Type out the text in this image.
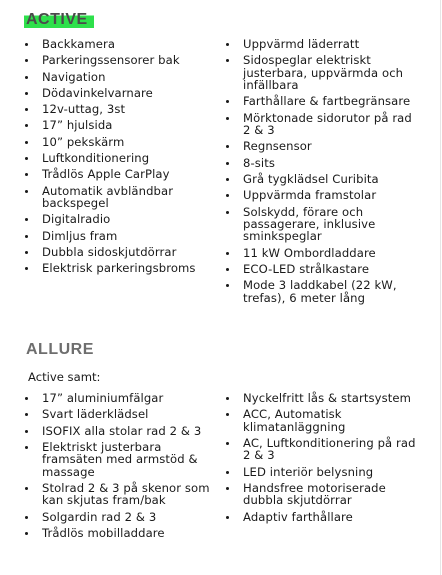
ACTIVE
Backkamera
Parkeringssensorer bak
Navigation
Dödavinkelvarnare
12v-uttag, 3st
17” hjulsida
10” pekskärm
Luftkonditionering
Trådlös Apple CarPlay
Automatik avbländbar backspegel
Digitalradio
Dimljus fram
Dubbla sidoskjutdörrar
Elektrisk parkeringsbroms
Uppvärmd läderratt
Sidospeglar elektriskt justerbara, uppvärmda och infällbara
Farthållare & fartbegränsare
Mörktonade sidorutor på rad 2 & 3
Regnsensor
8-sits
Grå tygklädsel Curibita
Uppvärmda framstolar
Solskydd, förare och passagerare, inklusive sminkspeglar
11 kW Ombordladdare
ECO-LED strålkastare
Mode 3 laddkabel (22 kW, trefas), 6 meter lång
ALLURE
Active samt:
17” aluminiumfälgar
Svart läderklädsel
ISOFIX alla stolar rad 2 & 3
Elektriskt justerbara framsäten med armstöd & massage
Stolrad 2 & 3 på skenor som kan skjutas fram/bak
Solgardin rad 2 & 3
Trådlös mobilladdare
Nyckelfritt lås & startsystem
ACC, Automatisk klimatanläggning
AC, Luftkonditionering på rad 2 & 3
LED interiör belysning
Handsfree motoriserade dubbla skjutdörrar
Adaptiv farthållare
